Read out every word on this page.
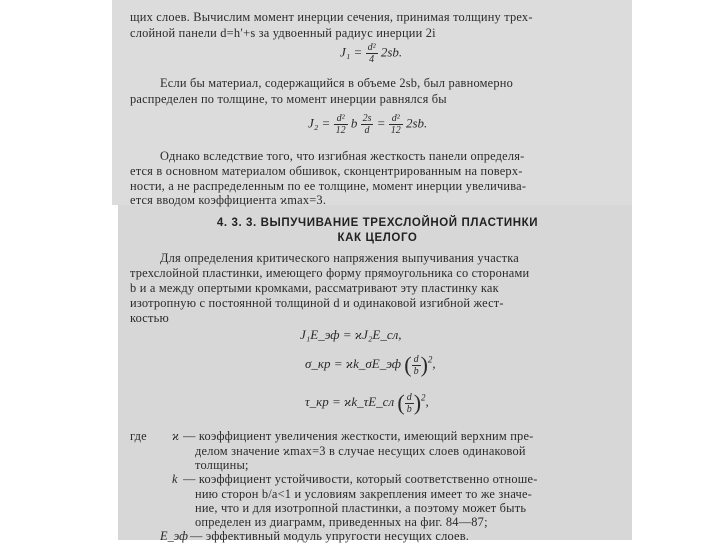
щих слоев. Вычислим момент инерции сечения, принимая толщину трех-
слойной панели d=h′+s за удвоенный радиус инерции 2i
$J_1 = \frac{\text{d²}}{4} 2sb$.
Если бы материал, содержащийся в объеме 2sb, был равномерно
распределен по толщине, то момент инерции равнялся бы
$J_2 = \frac{\text{d²}}{12}$ b $\frac{2s}{d} = \frac{\text{d²}}{12} 2sb$.
Однако вследствие того, что изгибная жесткость панели определя-
ется в основном материалом обшивок, сконцентрированным на поверх-
ности, а не распределенным по ее толщине, момент инерции увеличива-
ется вводом коэффициента ϰmax=3.
4. 3. 3. ВЫПУЧИВАНИЕ ТРЕХСЛОЙНОЙ ПЛАСТИНКИ
КАК ЦЕЛОГО
Для определения критического напряжения выпучивания участка
трехслойной пластинки, имеющего форму прямоугольника со сторонами
b и a между опертыми кромками, рассматривают эту пластинку как
изотропную с постоянной толщиной d и одинаковой изгибной жест-
костью
J₁E_эф = ϰJ₂E_сл,
σ_кр = ϰk_σE_эф ( $\frac{d}{b} )^2$,
τ_кр = ϰk_τE_сл ( $\frac{d}{b} )^2$,
где	ϰ — коэффициент увеличения жесткости, имеющий верхним пре-
делом значение ϰmax=3 в случае несущих слоев одинаковой
толщины;
k — коэффициент устойчивости, который соответственно отноше-
нию сторон b/a<1 и условиям закрепления имеет то же значе-
ние, что и для изотропной пластинки, а поэтому может быть
определен из диаграмм, приведенных на фиг. 84—87;
E_эф — эффективный модуль упругости несущих слоев.
